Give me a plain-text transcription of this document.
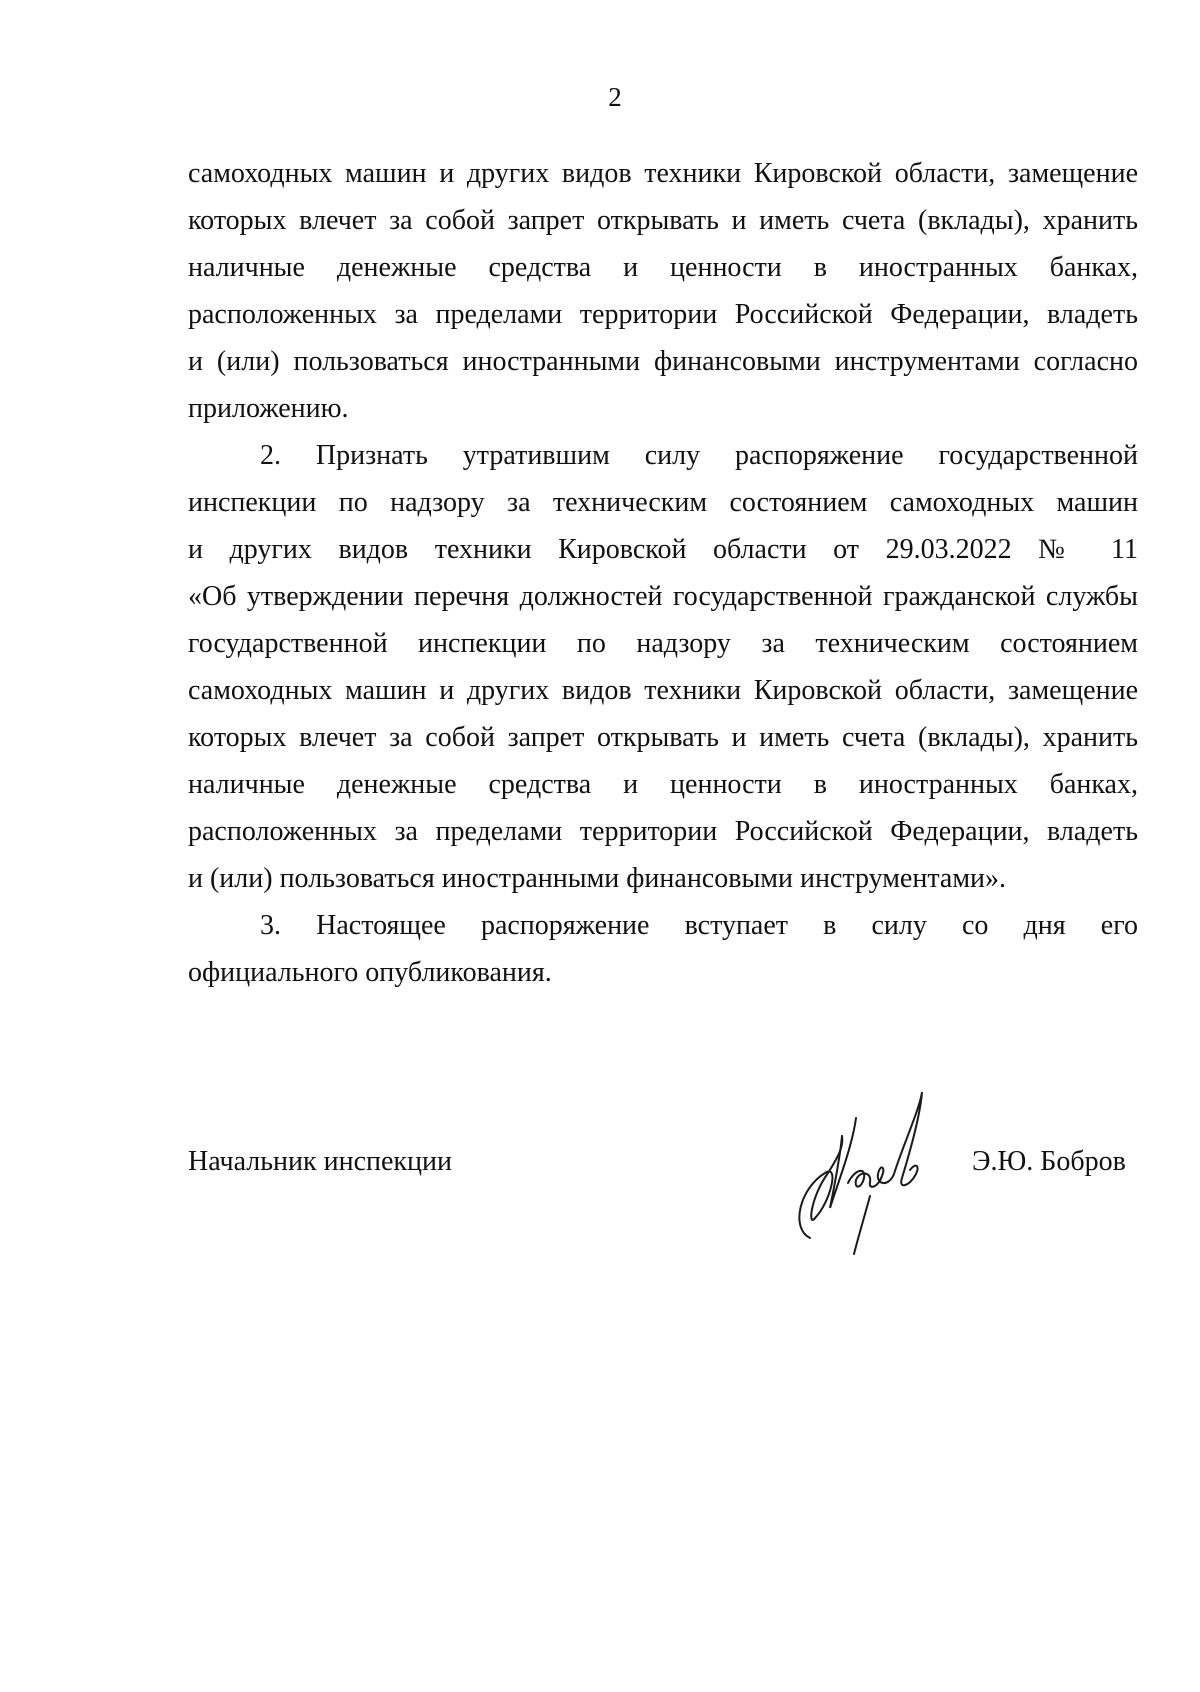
2
самоходных машин и других видов техники Кировской области, замещение
которых влечет за собой запрет открывать и иметь счета (вклады), хранить
наличные денежные средства и ценности в иностранных банках,
расположенных за пределами территории Российской Федерации, владеть
и (или) пользоваться иностранными финансовыми инструментами согласно
приложению.
2. Признать утратившим силу распоряжение государственной
инспекции по надзору за техническим состоянием самоходных машин
и других видов техники Кировской области от 29.03.2022 № 11
«Об утверждении перечня должностей государственной гражданской службы
государственной инспекции по надзору за техническим состоянием
самоходных машин и других видов техники Кировской области, замещение
которых влечет за собой запрет открывать и иметь счета (вклады), хранить
наличные денежные средства и ценности в иностранных банках,
расположенных за пределами территории Российской Федерации, владеть
и (или) пользоваться иностранными финансовыми инструментами».
3. Настоящее распоряжение вступает в силу со дня его
официального опубликования.
Начальник инспекции	Э.Ю. Бобров
